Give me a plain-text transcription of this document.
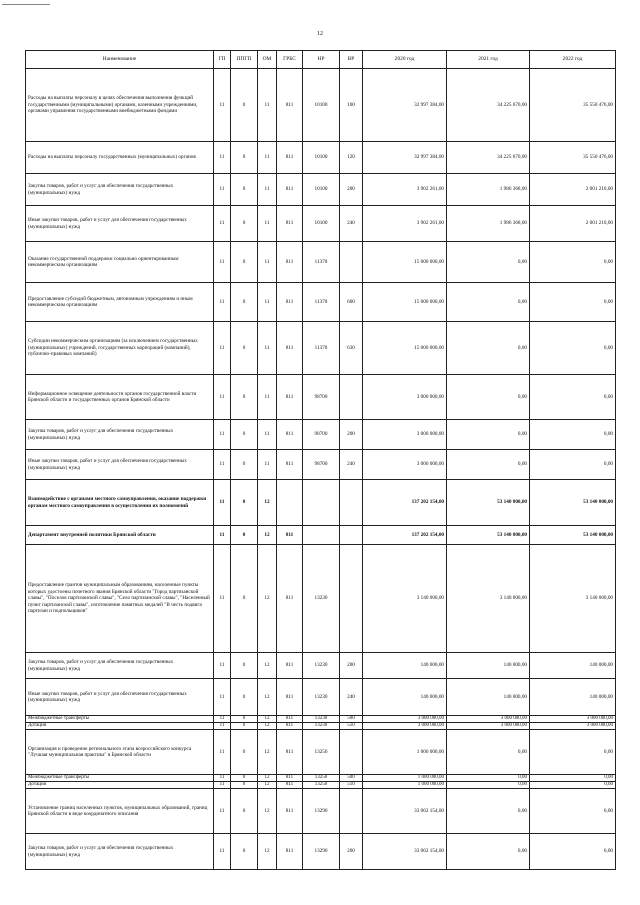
12
Наименование	ГП	ППГП	ОМ	ГРБС	НР	ВР	2020 год	2021 год	2022 год
Расходы на выплаты персоналу в целях обеспечения выполнения функций государственными (муниципальными) органами, казенными учреждениями, органами управления государственными внебюджетными фондами	11	0	11	811	10100	100	32 997 384,00	34 225 670,00	35 550 476,00
Расходы на выплаты персоналу государственных (муниципальных) органов	11	0	11	811	10100	120	32 997 384,00	34 225 670,00	35 550 476,00
Закупка товаров, работ и услуг для обеспечения государственных (муниципальных) нужд	11	0	11	811	10100	200	3 902 261,00	1 986 368,00	2 001 210,00
Иные закупки товаров, работ и услуг для обеспечения государственных (муниципальных) нужд	11	0	11	811	10100	240	3 902 261,00	1 986 368,00	2 001 210,00
Оказание государственной поддержки социально ориентированным некоммерческим организациям	11	0	11	811	11370		15 000 000,00	0,00	0,00
Предоставление субсидий бюджетным, автономным учреждениям и иным некоммерческим организациям	11	0	11	811	11370	600	15 000 000,00	0,00	0,00
Субсидии некоммерческим организациям (за исключением государственных (муниципальных) учреждений, государственных корпораций (компаний), публично-правовых компаний)	11	0	11	811	11370	630	15 000 000,00	0,00	0,00
Информационное освещение деятельности органов государственной власти Брянской области и государственных органов Брянской области	11	0	11	811	98700		3 000 000,00	0,00	0,00
Закупка товаров, работ и услуг для обеспечения государственных (муниципальных) нужд	11	0	11	811	98700	200	3 000 000,00	0,00	0,00
Иные закупки товаров, работ и услуг для обеспечения государственных (муниципальных) нужд	11	0	11	811	98700	240	3 000 000,00	0,00	0,00
Взаимодействие с органами местного самоуправления, оказание поддержки органам местного самоуправления в осуществлении их полномочий	11	0	12				137 202 154,00	53 140 000,00	53 140 000,00
Департамент внутренней политики Брянской области	11	0	12	811			137 202 154,00	53 140 000,00	53 140 000,00
Предоставление грантов муниципальным образованиям, населенные пункты которых удостоены почетного звания Брянской области "Город партизанской славы", "Поселок партизанской славы", "Село партизанской славы", "Населенный пункт партизанской славы", изготовление памятных медалей "В честь подвига партизан и подпольщиков"	11	0	12	811	13230		3 140 000,00	3 140 000,00	3 140 000,00
Закупка товаров, работ и услуг для обеспечения государственных (муниципальных) нужд	11	0	12	811	13230	200	140 000,00	140 000,00	140 000,00
Иные закупки товаров, работ и услуг для обеспечения государственных (муниципальных) нужд	11	0	12	811	13230	240	140 000,00	140 000,00	140 000,00
Межбюджетные трансферты	11	0	12	811	13230	500	3 000 000,00	3 000 000,00	3 000 000,00
Дотации	11	0	12	811	13230	510	3 000 000,00	3 000 000,00	3 000 000,00
Организация и проведение регионального этапа всероссийского конкурса "Лучшая муниципальная практика" в Брянской области	11	0	12	811	13250		1 000 000,00	0,00	0,00
Межбюджетные трансферты	11	0	12	811	13250	500	1 000 000,00	0,00	0,00
Дотации	11	0	12	811	13250	510	1 000 000,00	0,00	0,00
Установление границ населенных пунктов, муниципальных образований, границ Брянской области в виде координатного описания	11	0	12	811	13290		33 062 154,00	0,00	0,00
Закупка товаров, работ и услуг для обеспечения государственных (муниципальных) нужд	11	0	12	811	13290	200	33 062 154,00	0,00	0,00
